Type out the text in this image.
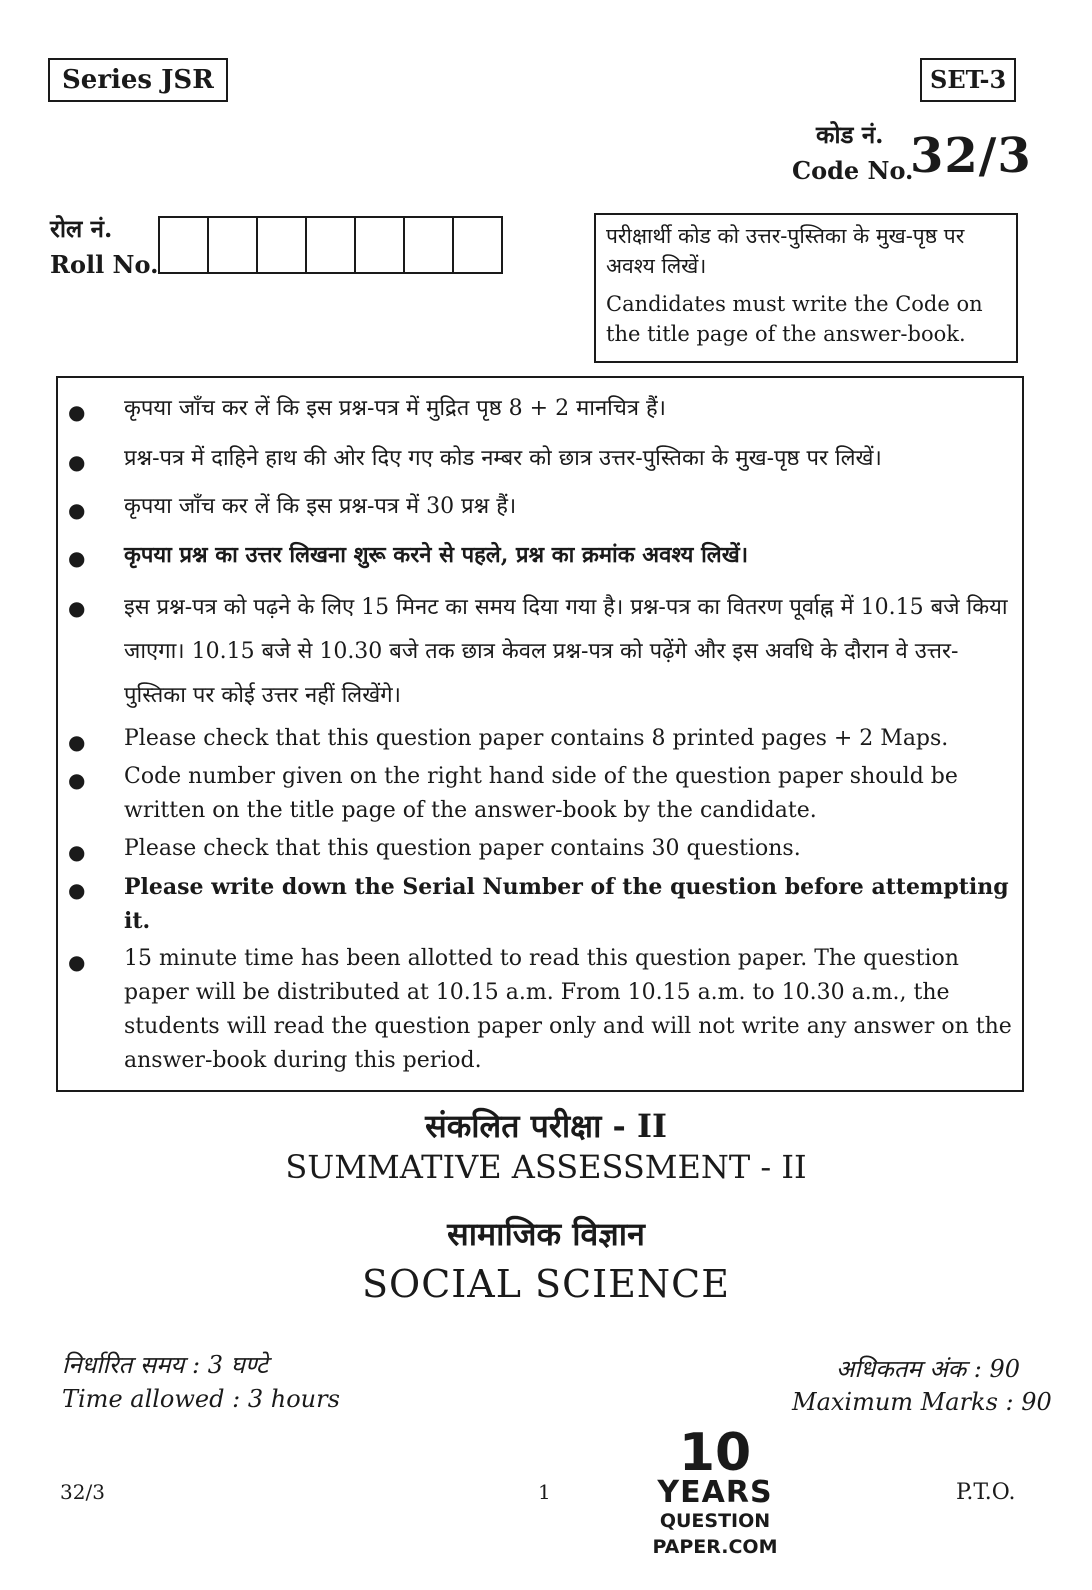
Series JSR	SET-3
कोड नं.
Code No.
32/3
रोल नं.
Roll No.

परीक्षार्थी कोड को उत्तर-पुस्तिका के मुख-पृष्ठ पर अवश्य लिखें।

Candidates must write the Code on the title page of the answer-book.

● कृपया जाँच कर लें कि इस प्रश्न-पत्र में मुद्रित पृष्ठ 8 + 2 मानचित्र हैं।
● प्रश्न-पत्र में दाहिने हाथ की ओर दिए गए कोड नम्बर को छात्र उत्तर-पुस्तिका के मुख-पृष्ठ पर लिखें।
● कृपया जाँच कर लें कि इस प्रश्न-पत्र में 30 प्रश्न हैं।
● कृपया प्रश्न का उत्तर लिखना शुरू करने से पहले, प्रश्न का क्रमांक अवश्य लिखें।
● इस प्रश्न-पत्र को पढ़ने के लिए 15 मिनट का समय दिया गया है। प्रश्न-पत्र का वितरण पूर्वाह्न में 10.15 बजे किया जाएगा। 10.15 बजे से 10.30 बजे तक छात्र केवल प्रश्न-पत्र को पढ़ेंगे और इस अवधि के दौरान वे उत्तर-पुस्तिका पर कोई उत्तर नहीं लिखेंगे।
● Please check that this question paper contains 8 printed pages + 2 Maps.
● Code number given on the right hand side of the question paper should be written on the title page of the answer-book by the candidate.
● Please check that this question paper contains 30 questions.
● Please write down the Serial Number of the question before attempting it.
● 15 minute time has been allotted to read this question paper. The question paper will be distributed at 10.15 a.m. From 10.15 a.m. to 10.30 a.m., the students will read the question paper only and will not write any answer on the answer-book during this period.
संकलित परीक्षा - II
SUMMATIVE ASSESSMENT - II
सामाजिक विज्ञान
SOCIAL SCIENCE
निर्धारित समय : 3 घण्टे
Time allowed : 3 hours
अधिकतम अंक : 90
Maximum Marks : 90
32/3	1	P.T.O.
10
YEARS
QUESTION PAPER.COM
